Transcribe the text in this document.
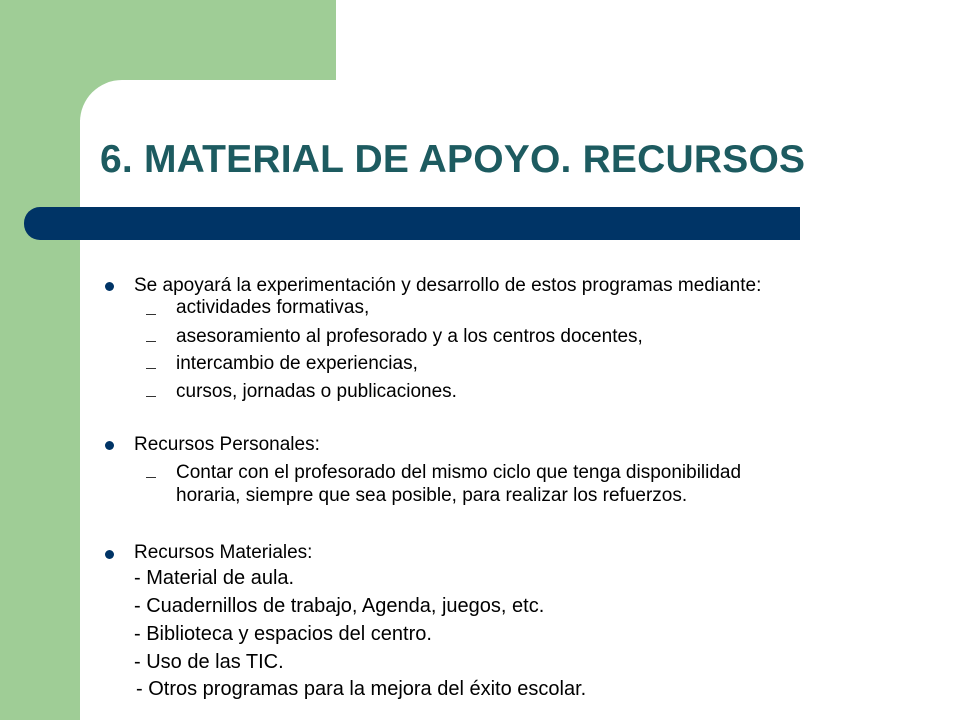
6. MATERIAL DE APOYO. RECURSOS
Se apoyará la experimentación y desarrollo de estos programas mediante:
actividades formativas,
asesoramiento al profesorado y a los centros docentes,
intercambio de experiencias,
cursos, jornadas o publicaciones.
Recursos Personales:
Contar con el profesorado del mismo ciclo que tenga disponibilidad
horaria, siempre que sea posible, para realizar los refuerzos.
Recursos Materiales:
- Material de aula.
- Cuadernillos de trabajo, Agenda, juegos, etc.
- Biblioteca y espacios del centro.
- Uso de las TIC.
- Otros programas para la mejora del éxito escolar.
